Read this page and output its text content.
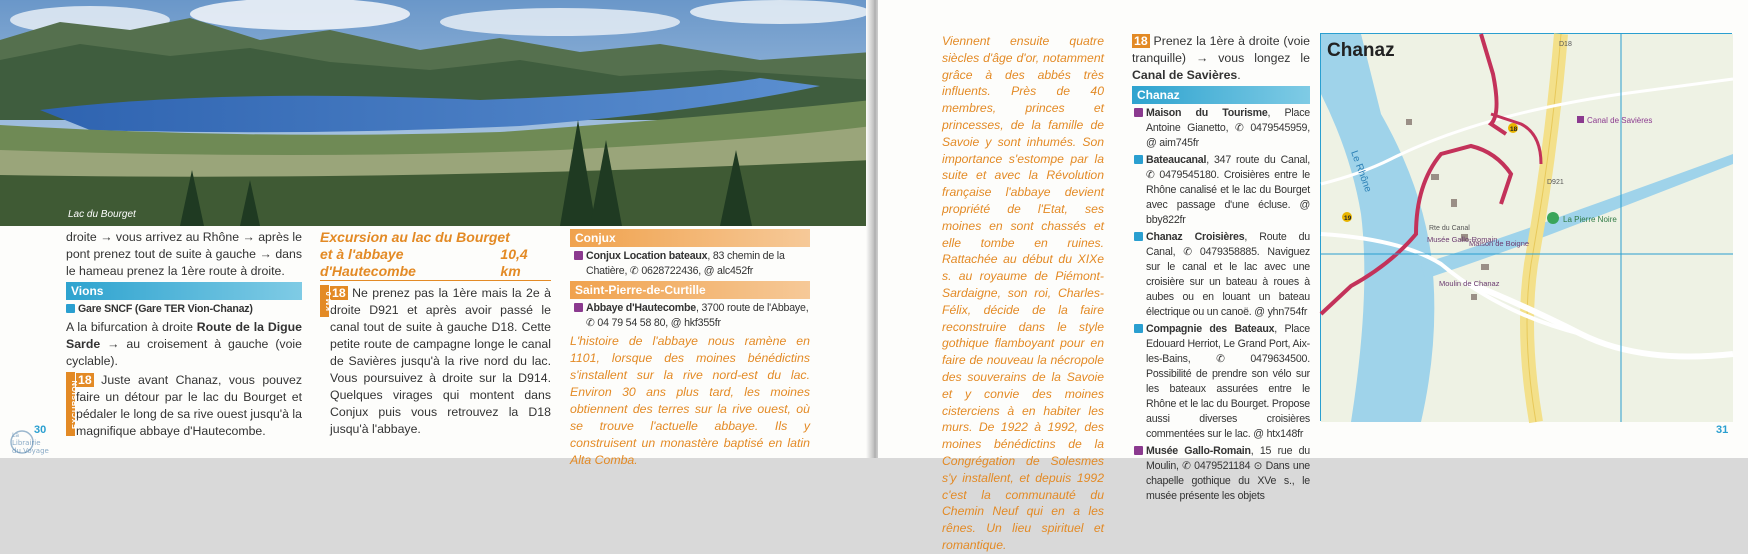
Lac du Bourget
droite → vous arrivez au Rhône → après le pont prenez tout de suite à gauche → dans le hameau prenez la 1ère route à droite.
Vions
Gare SNCF (Gare TER Vion-Chanaz)
A la bifurcation à droite Route de la Digue Sarde → au croisement à gauche (voie cyclable).
EXCURSION 18 Juste avant Chanaz, vous pouvez faire un détour par le lac du Bourget et pédaler le long de sa rive ouest jusqu'à la magnifique abbaye d'Hautecombe.
Excursion au lac du Bourget
et à l'abbaye d'Hautecombe
10,4 km
KM 0 18 Ne prenez pas la 1ère mais la 2e à droite D921 et après avoir passé le canal tout de suite à gauche D18. Cette petite route de campagne longe le canal de Savières jusqu'à la rive nord du lac. Vous poursuivez à droite sur la D914. Quelques virages qui montent dans Conjux puis vous retrouvez la D18 jusqu'à l'abbaye.
Conjux
Conjux Location bateaux, 83 chemin de la Chatière, ✆ 0628722436, @ alc452fr
Saint-Pierre-de-Curtille
Abbaye d'Hautecombe, 3700 route de l'Abbaye, ✆ 04 79 54 58 80, @ hkf355fr
L'histoire de l'abbaye nous ramène en 1101, lorsque des moines bénédictins s'installent sur la rive nord-est du lac. Environ 30 ans plus tard, les moines obtiennent des terres sur la rive ouest, où se trouve l'actuelle abbaye. Ils y construisent un monastère baptisé en latin Alta Comba.
30
La
Librairie
du Voyage
Viennent ensuite quatre siècles d'âge d'or, notamment grâce à des abbés très influents. Près de 40 membres, princes et princesses, de la famille de Savoie y sont inhumés. Son importance s'estompe par la suite et avec la Révolution française l'abbaye devient propriété de l'Etat, ses moines en sont chassés et elle tombe en ruines. Rattachée au début du XIXe s. au royaume de Piémont-Sardaigne, son roi, Charles-Félix, décide de la faire reconstruire dans le style gothique flamboyant pour en faire de nouveau la nécropole des souverains de la Savoie et y convie des moines cisterciens à en habiter les murs. De 1922 à 1992, des moines bénédictins de la Congrégation de Solesmes s'y installent, et depuis 1992 c'est la communauté du Chemin Neuf qui en a les rênes. Un lieu spirituel et romantique.
18 Prenez la 1ère à droite (voie tranquille) → vous longez le Canal de Savières.
Chanaz
Maison du Tourisme, Place Antoine Gianetto, ✆ 0479545959, @ aim745fr
Bateaucanal, 347 route du Canal, ✆ 0479545180. Croisières entre le Rhône canalisé et le lac du Bourget avec passage d'une écluse. @ bby822fr
Chanaz Croisières, Route du Canal, ✆ 0479358885. Naviguez sur le canal et le lac avec une croisière sur un bateau à roues à aubes ou en louant un bateau électrique ou un canoë. @ yhn754fr
Compagnie des Bateaux, Place Edouard Herriot, Le Grand Port, Aix-les-Bains, ✆ 0479634500. Possibilité de prendre son vélo sur les bateaux assurées entre le Rhône et le lac du Bourget. Propose aussi diverses croisières commentées sur le lac. @ htx148fr
Musée Gallo-Romain, 15 rue du Moulin, ✆ 0479521184 ⊙ Dans une chapelle gothique du XVe s., le musée présente les objets
Chanaz
Le Rhône
Canal de Savières
La Pierre Noire
Musée Gallo-Romain
Maison de Boigne
Moulin de Chanaz
Rte du Canal
D18
D921
18
19
31
